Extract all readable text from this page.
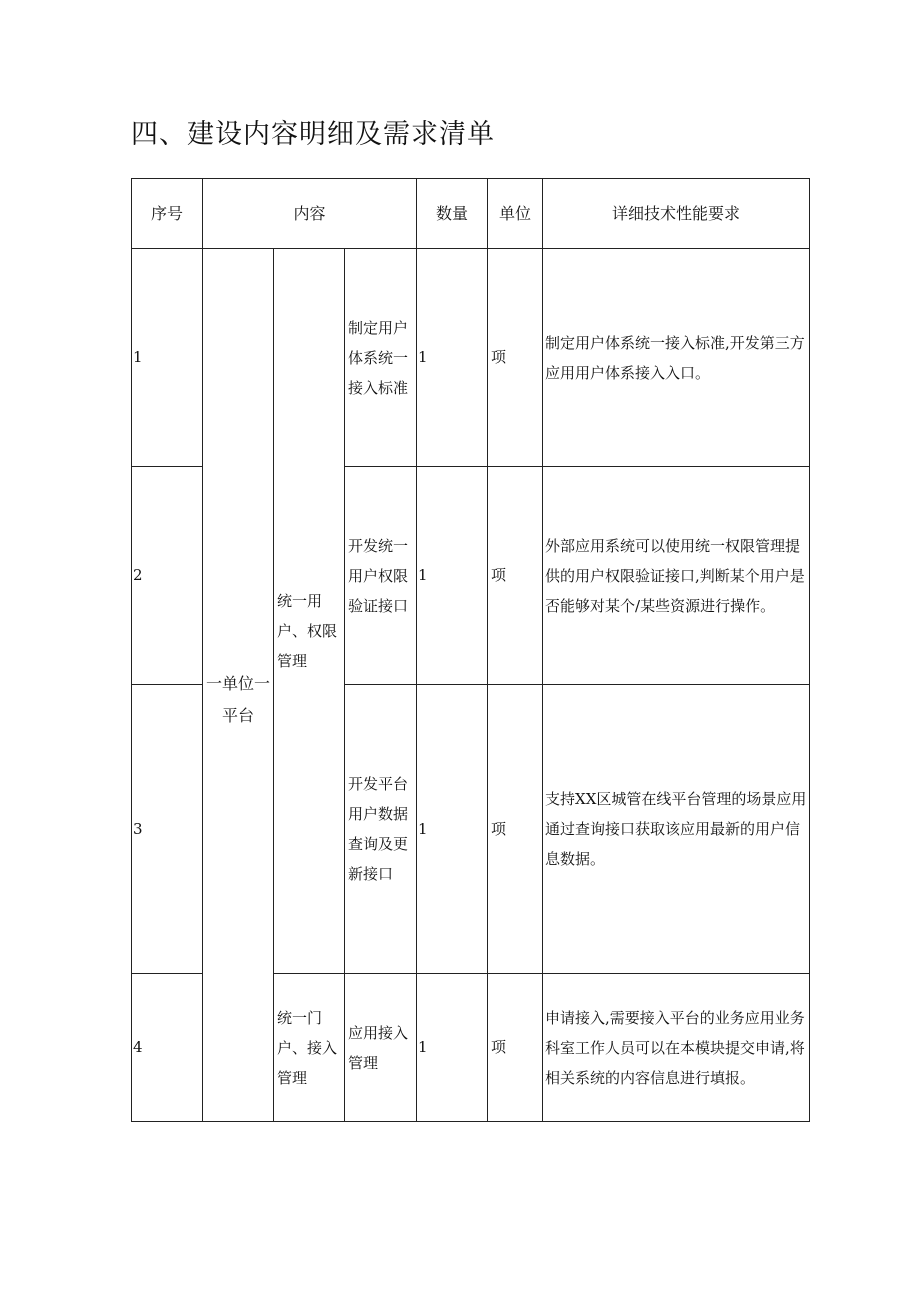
四、建设内容明细及需求清单
序号	内容			数量	单位	详细技术性能要求
1	一单位一平台	统一用户、权限管理	制定用户体系统一接入标准	1	项	制定用户体系统一接入标准,开发第三方应用用户体系接入入口。
2			开发统一用户权限验证接口	1	项	外部应用系统可以使用统一权限管理提供的用户权限验证接口,判断某个用户是否能够对某个/某些资源进行操作。
3			开发平台用户数据查询及更新接口	1	项	支持XX区城管在线平台管理的场景应用通过查询接口获取该应用最新的用户信息数据。
4		统一门户、接入管理	应用接入管理	1	项	申请接入,需要接入平台的业务应用业务科室工作人员可以在本模块提交申请,将相关系统的内容信息进行填报。
